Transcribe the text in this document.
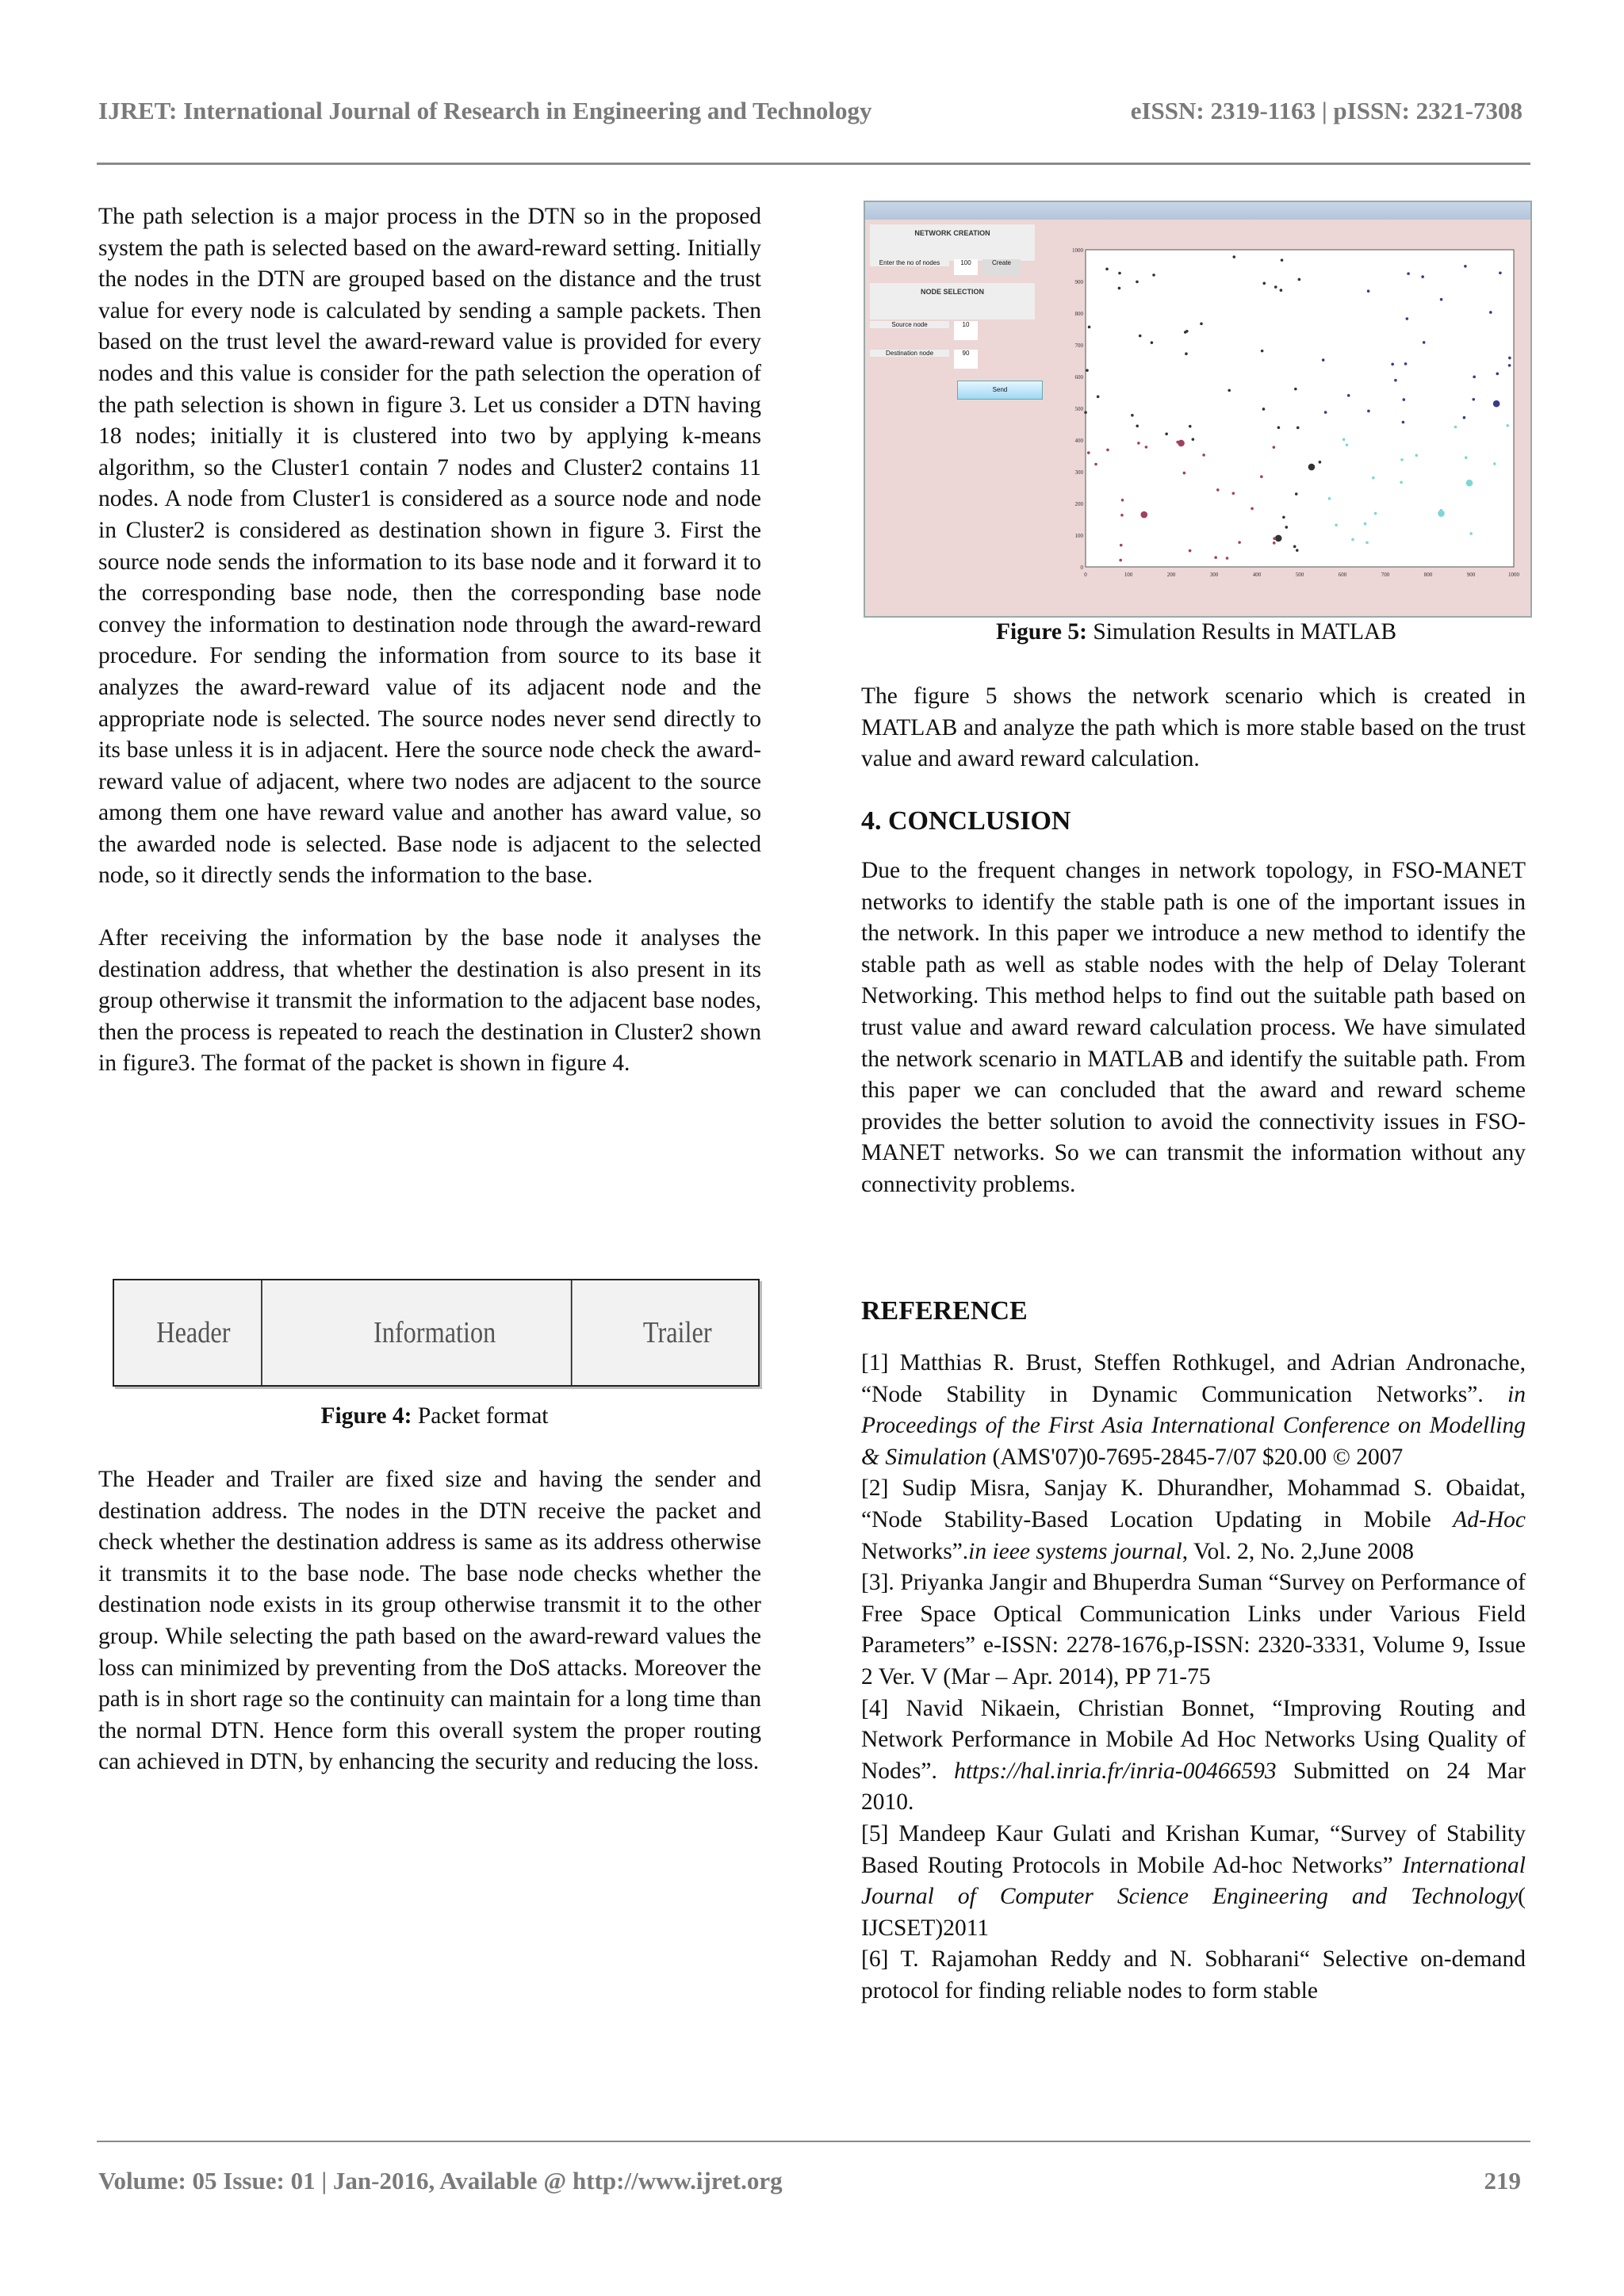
IJRET: International Journal of Research in Engineering and Technology	eISSN: 2319-1163 | pISSN: 2321-7308

The path selection is a major process in the DTN so in the proposed system the path is selected based on the award-reward setting. Initially the nodes in the DTN are grouped based on the distance and the trust value for every node is calculated by sending a sample packets. Then based on the trust level the award-reward value is provided for every nodes and this value is consider for the path selection the operation of the path selection is shown in figure 3. Let us consider a DTN having 18 nodes; initially it is clustered into two by applying k-means algorithm, so the Cluster1 contain 7 nodes and Cluster2 contains 11 nodes. A node from Cluster1 is considered as a source node and node in Cluster2 is considered as destination shown in figure 3. First the source node sends the information to its base node and it forward it to the corresponding base node, then the corresponding base node convey the information to destination node through the award-reward procedure. For sending the information from source to its base it analyzes the award-reward value of its adjacent node and the appropriate node is selected. The source nodes never send directly to its base unless it is in adjacent. Here the source node check the award-reward value of adjacent, where two nodes are adjacent to the source among them one have reward value and another has award value, so the awarded node is selected. Base node is adjacent to the selected node, so it directly sends the information to the base.

After receiving the information by the base node it analyses the destination address, that whether the destination is also present in its group otherwise it transmit the information to the adjacent base nodes, then the process is repeated to reach the destination in Cluster2 shown in figure3. The format of the packet is shown in figure 4.

Header	Information	Trailer
Figure 4: Packet format

The Header and Trailer are fixed size and having the sender and destination address. The nodes in the DTN receive the packet and check whether the destination address is same as its address otherwise it transmits it to the base node. The base node checks whether the destination node exists in its group otherwise transmit it to the other group. While selecting the path based on the award-reward values the loss can minimized by preventing from the DoS attacks. Moreover the path is in short rage so the continuity can maintain for a long time than the normal DTN. Hence form this overall system the proper routing can achieved in DTN, by enhancing the security and reducing the loss.

NETWORK CREATION
Enter the no of nodes	100	Create
NODE SELECTION
Source node	10
Destination node	90
Send
0
0
100
100
200
200
300
300
400
400
500
500
600
600
700
700
800
800
900
900
1000
1000
Figure 5: Simulation Results in MATLAB

The figure 5 shows the network scenario which is created in MATLAB and analyze the path which is more stable based on the trust value and award reward calculation.

4. CONCLUSION

Due to the frequent changes in network topology, in FSO-MANET networks to identify the stable path is one of the important issues in the network. In this paper we introduce a new method to identify the stable path as well as stable nodes with the help of Delay Tolerant Networking. This method helps to find out the suitable path based on trust value and award reward calculation process. We have simulated the network scenario in MATLAB and identify the suitable path. From this paper we can concluded that the award and reward scheme provides the better solution to avoid the connectivity issues in FSO-MANET networks. So we can transmit the information without any connectivity problems.

REFERENCE

[1] Matthias R. Brust, Steffen Rothkugel, and Adrian Andronache, “Node Stability in Dynamic Communication Networks”. in Proceedings of the First Asia International Conference on Modelling & Simulation (AMS'07)0-7695-2845-7/07 $20.00 © 2007

[2] Sudip Misra, Sanjay K. Dhurandher, Mohammad S. Obaidat, “Node Stability-Based Location Updating in Mobile Ad-Hoc Networks”.in ieee systems journal, Vol. 2, No. 2,June 2008

[3]. Priyanka Jangir and Bhuperdra Suman “Survey on Performance of Free Space Optical Communication Links under Various Field Parameters” e-ISSN: 2278-1676,p-ISSN: 2320-3331, Volume 9, Issue 2 Ver. V (Mar – Apr. 2014), PP 71-75

[4] Navid Nikaein, Christian Bonnet, “Improving Routing and Network Performance in Mobile Ad Hoc Networks Using Quality of Nodes”. https://hal.inria.fr/inria-00466593 Submitted on 24 Mar 2010.

[5] Mandeep Kaur Gulati and Krishan Kumar, “Survey of Stability Based Routing Protocols in Mobile Ad-hoc Networks” International Journal of Computer Science Engineering and Technology( IJCSET)2011

[6] T. Rajamohan Reddy and N. Sobharani“ Selective on-demand protocol for finding reliable nodes to form stable

Volume: 05 Issue: 01 | Jan-2016, Available @ http://www.ijret.org	219
